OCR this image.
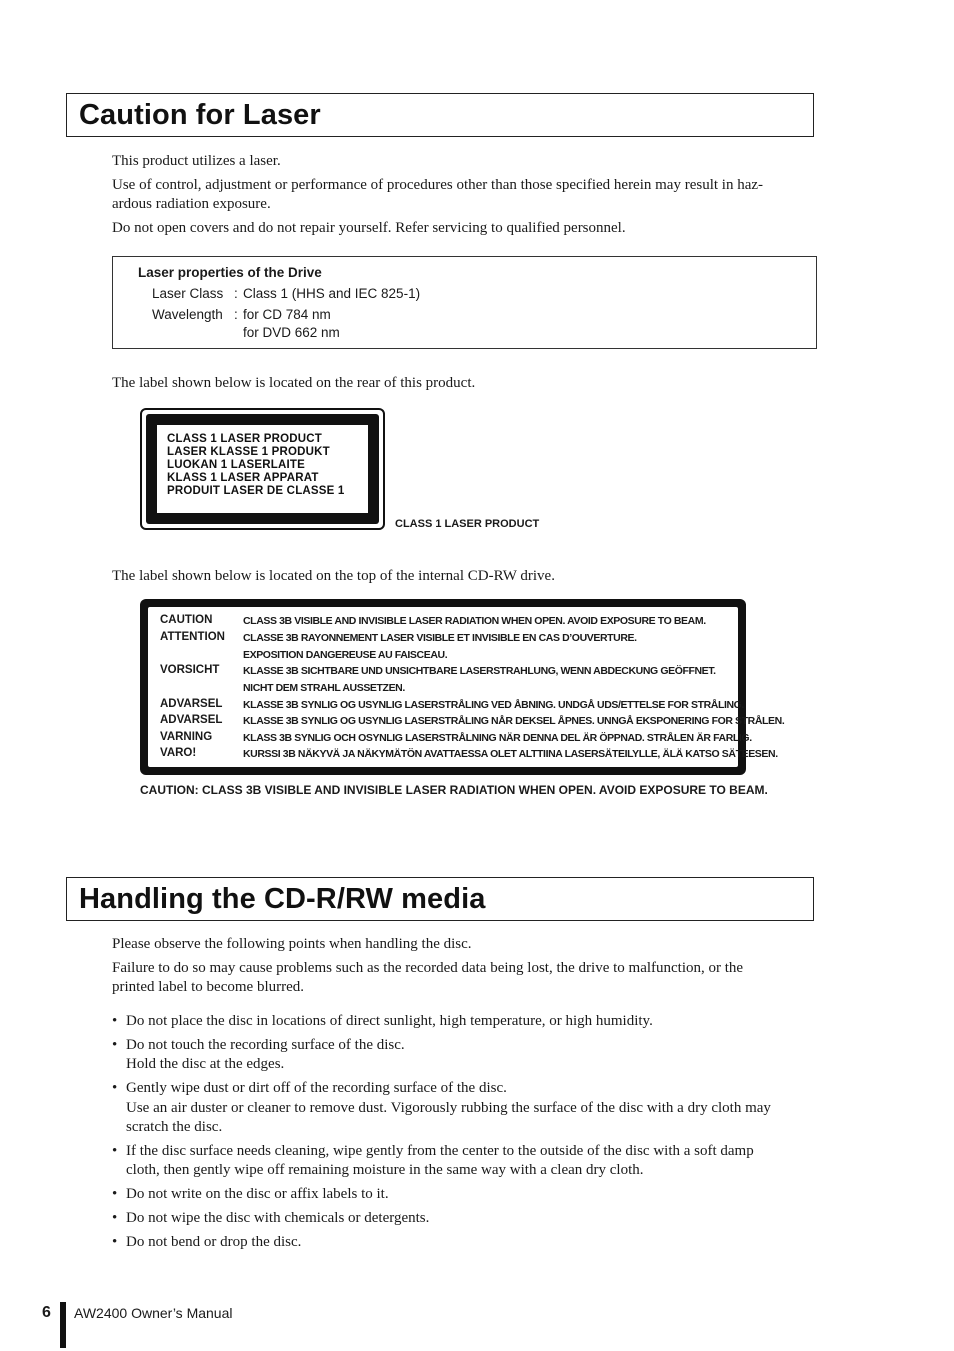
Caution for Laser
This product utilizes a laser.
Use of control, adjustment or performance of procedures other than those specified herein may result in haz-
ardous radiation exposure.
Do not open covers and do not repair yourself. Refer servicing to qualified personnel.
Laser properties of the Drive
Laser Class : Class 1 (HHS and IEC 825-1)
Wavelength : for CD 784 nm
for DVD 662 nm
The label shown below is located on the rear of this product.
CLASS 1 LASER PRODUCT
LASER KLASSE 1 PRODUKT
LUOKAN 1 LASERLAITE
KLASS 1 LASER APPARAT
PRODUIT LASER DE CLASSE 1
CLASS 1 LASER PRODUCT
The label shown below is located on the top of the internal CD-RW drive.
CAUTION	CLASS 3B VISIBLE AND INVISIBLE LASER RADIATION WHEN OPEN. AVOID EXPOSURE TO BEAM.
ATTENTION CLASSE 3B RAYONNEMENT LASER VISIBLE ET INVISIBLE EN CAS D’OUVERTURE.
EXPOSITION DANGEREUSE AU FAISCEAU.
VORSICHT KLASSE 3B SICHTBARE UND UNSICHTBARE LASERSTRAHLUNG, WENN ABDECKUNG GEÖFFNET.
NICHT DEM STRAHL AUSSETZEN.
ADVARSEL KLASSE 3B SYNLIG OG USYNLIG LASERSTRÅLING VED ÅBNING. UNDGÅ UDS/ETTELSE FOR STRÅLING.
ADVARSEL KLASSE 3B SYNLIG OG USYNLIG LASERSTRÅLING NÅR DEKSEL ÅPNES. UNNGÅ EKSPONERING FOR STRÅLEN.
VARNING	KLASS 3B SYNLIG OCH OSYNLIG LASERSTRÅLNING NÄR DENNA DEL ÄR ÖPPNAD. STRÅLEN ÄR FARLIG.
VARO!	KURSSI 3B NÄKYVÄ JA NÄKYMÄTÖN AVATTAESSA OLET ALTTIINA LASERSÄTEILYLLE, ÄLÄ KATSO SÄTEESEN.
CAUTION: CLASS 3B VISIBLE AND INVISIBLE LASER RADIATION WHEN OPEN. AVOID EXPOSURE TO BEAM.
Handling the CD-R/RW media
Please observe the following points when handling the disc.
Failure to do so may cause problems such as the recorded data being lost, the drive to malfunction, or the
printed label to become blurred.
• Do not place the disc in locations of direct sunlight, high temperature, or high humidity.
• Do not touch the recording surface of the disc.
Hold the disc at the edges.
• Gently wipe dust or dirt off of the recording surface of the disc.
Use an air duster or cleaner to remove dust. Vigorously rubbing the surface of the disc with a dry cloth may
scratch the disc.
• If the disc surface needs cleaning, wipe gently from the center to the outside of the disc with a soft damp
cloth, then gently wipe off remaining moisture in the same way with a clean dry cloth.
• Do not write on the disc or affix labels to it.
• Do not wipe the disc with chemicals or detergents.
• Do not bend or drop the disc.
6 AW2400 Owner’s Manual
